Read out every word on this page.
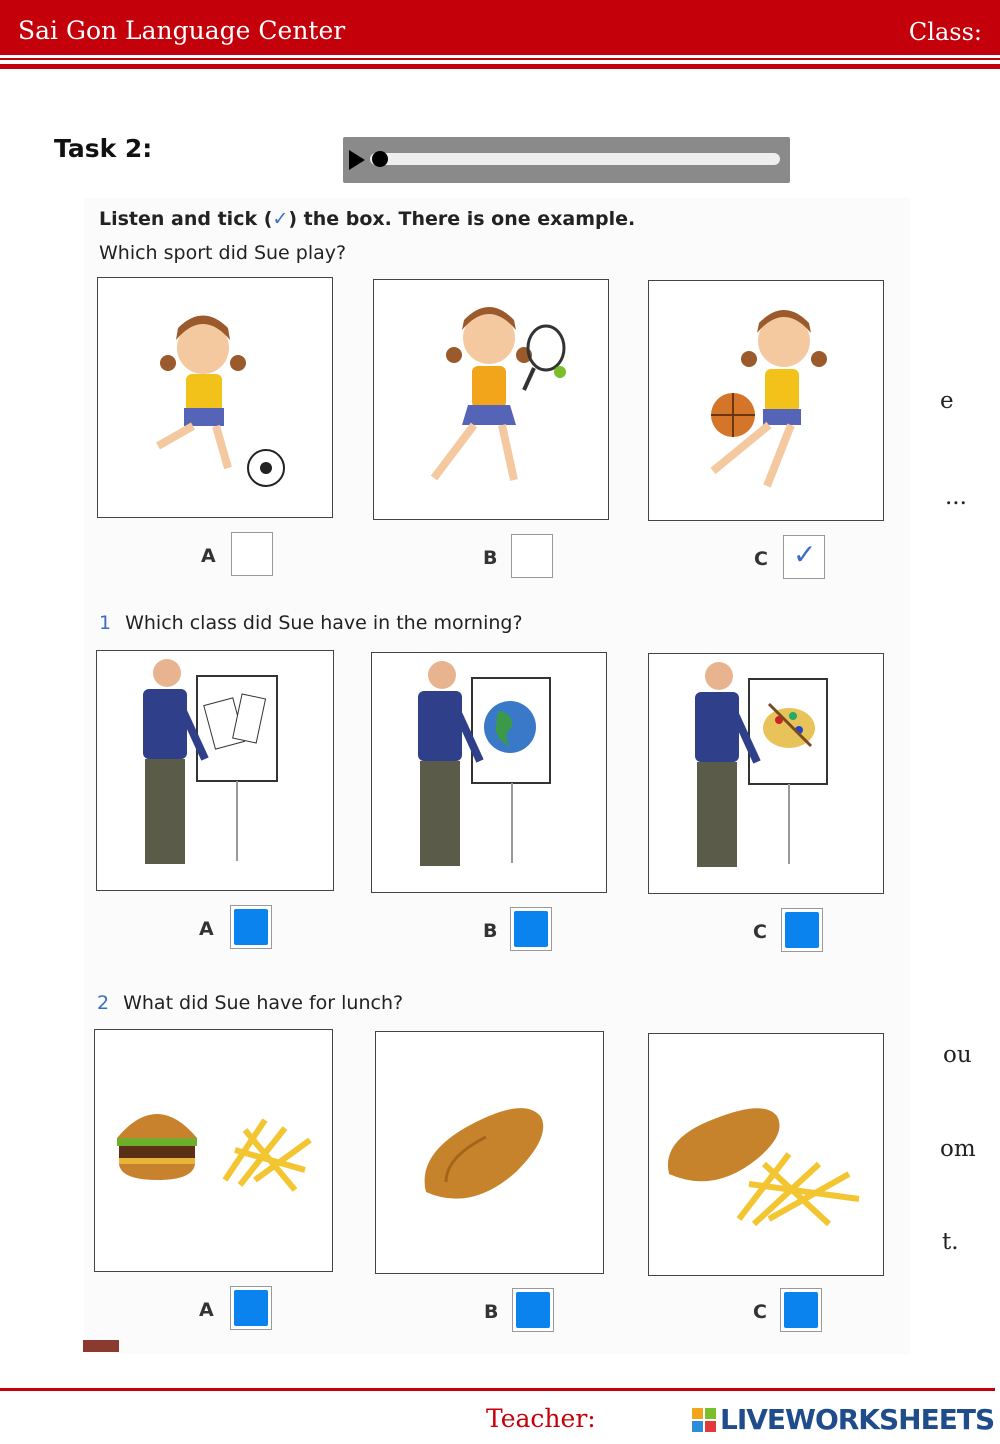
Sai Gon Language Center	Class:
e
...
ou
om
t.
Task 2:
Listen and tick (✓) the box. There is one example.
Which sport did Sue play?
A	B	C ✓
1 Which class did Sue have in the morning?
A	B	C
2 What did Sue have for lunch?
A	B	C
Teacher:	LIVEWORKSHEETS
